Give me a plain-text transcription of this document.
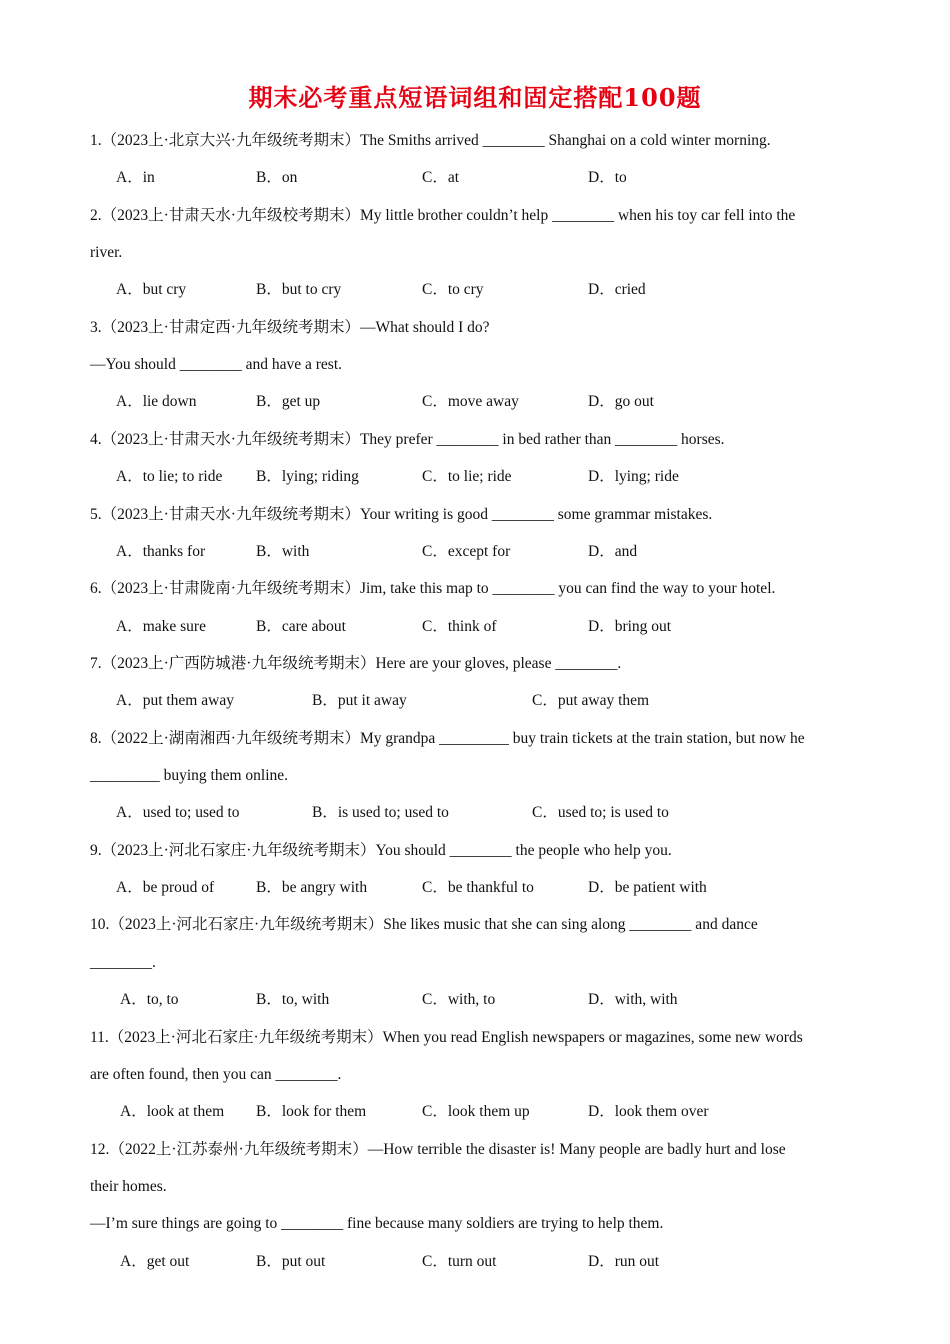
期末必考重点短语词组和固定搭配100题
1.（2023上·北京大兴·九年级统考期末）The Smiths arrived ________ Shanghai on a cold winter morning.
A．in	B．on	C．at	D．to
2.（2023上·甘肃天水·九年级校考期末）My little brother couldn’t help ________ when his toy car fell into the
river.
A．but cry	B．but to cry	C．to cry	D．cried
3.（2023上·甘肃定西·九年级统考期末）—What should I do?
—You should ________ and have a rest.
A．lie down	B．get up	C．move away	D．go out
4.（2023上·甘肃天水·九年级统考期末）They prefer ________ in bed rather than ________ horses.
A．to lie; to ride B．lying; riding	C．to lie; ride	D．lying; ride
5.（2023上·甘肃天水·九年级统考期末）Your writing is good ________ some grammar mistakes.
A．thanks for	B．with	C．except for	D．and
6.（2023上·甘肃陇南·九年级统考期末）Jim, take this map to ________ you can find the way to your hotel.
A．make sure	B．care about	C．think of	D．bring out
7.（2023上·广西防城港·九年级统考期末）Here are your gloves, please ________.
A．put them away	B．put it away	C．put away them
8.（2022上·湖南湘西·九年级统考期末）My grandpa _________ buy train tickets at the train station, but now he
_________ buying them online.
A．used to; used to	B．is used to; used to	C．used to; is used to
9.（2023上·河北石家庄·九年级统考期末）You should ________ the people who help you.
A．be proud of	B．be angry with	C．be thankful to	D．be patient with
10.（2023上·河北石家庄·九年级统考期末）She likes music that she can sing along ________ and dance
________.
A．to, to	B．to, with	C．with, to	D．with, with
11.（2023上·河北石家庄·九年级统考期末）When you read English newspapers or magazines, some new words
are often found, then you can ________.
A．look at them B．look for them	C．look them up	D．look them over
12.（2022上·江苏泰州·九年级统考期末）—How terrible the disaster is! Many people are badly hurt and lose
their homes.
—I’m sure things are going to ________ fine because many soldiers are trying to help them.
A．get out	B．put out	C．turn out	D．run out
